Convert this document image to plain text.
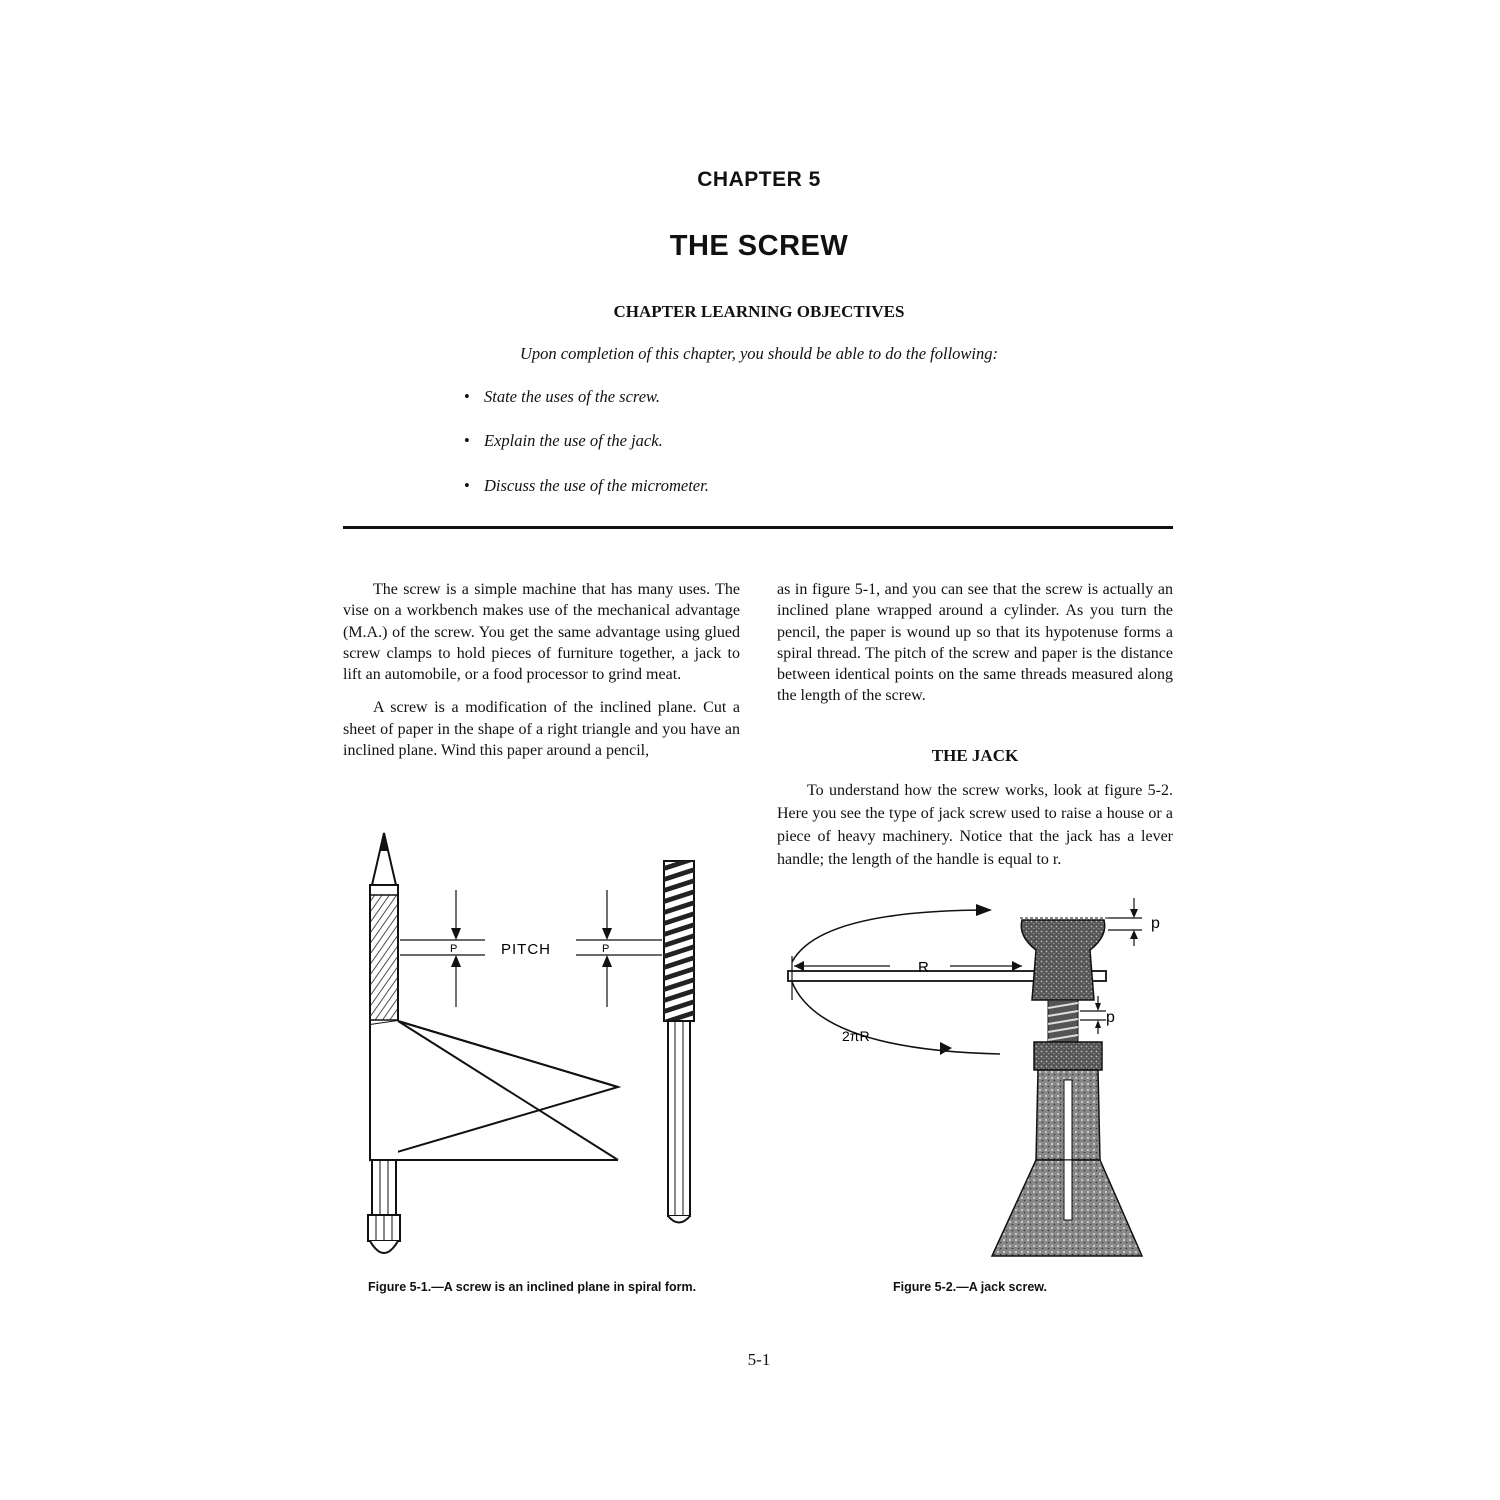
CHAPTER 5
THE SCREW
CHAPTER LEARNING OBJECTIVES
Upon completion of this chapter, you should be able to do the following:
• State the uses of the screw.
• Explain the use of the jack.
• Discuss the use of the micrometer.

The screw is a simple machine that has many uses. The vise on a workbench makes use of the mechanical advantage (M.A.) of the screw. You get the same advantage using glued screw clamps to hold pieces of furniture together, a jack to lift an automobile, or a food processor to grind meat.

A screw is a modification of the inclined plane. Cut a sheet of paper in the shape of a right triangle and you have an inclined plane. Wind this paper around a pencil,

as in figure 5-1, and you can see that the screw is actually an inclined plane wrapped around a cylinder. As you turn the pencil, the paper is wound up so that its hypotenuse forms a spiral thread. The pitch of the screw and paper is the distance between identical points on the same threads measured along the length of the screw.

THE JACK
To understand how the screw works, look at figure 5-2. Here you see the type of jack screw used to raise a house or a piece of heavy machinery. Notice that the jack has a lever handle; the length of the handle is equal to r.
P	PITCH	P
Figure 5-1.—A screw is an inclined plane in spiral form.
R
2πR
p
p
Figure 5-2.—A jack screw.
5-1
